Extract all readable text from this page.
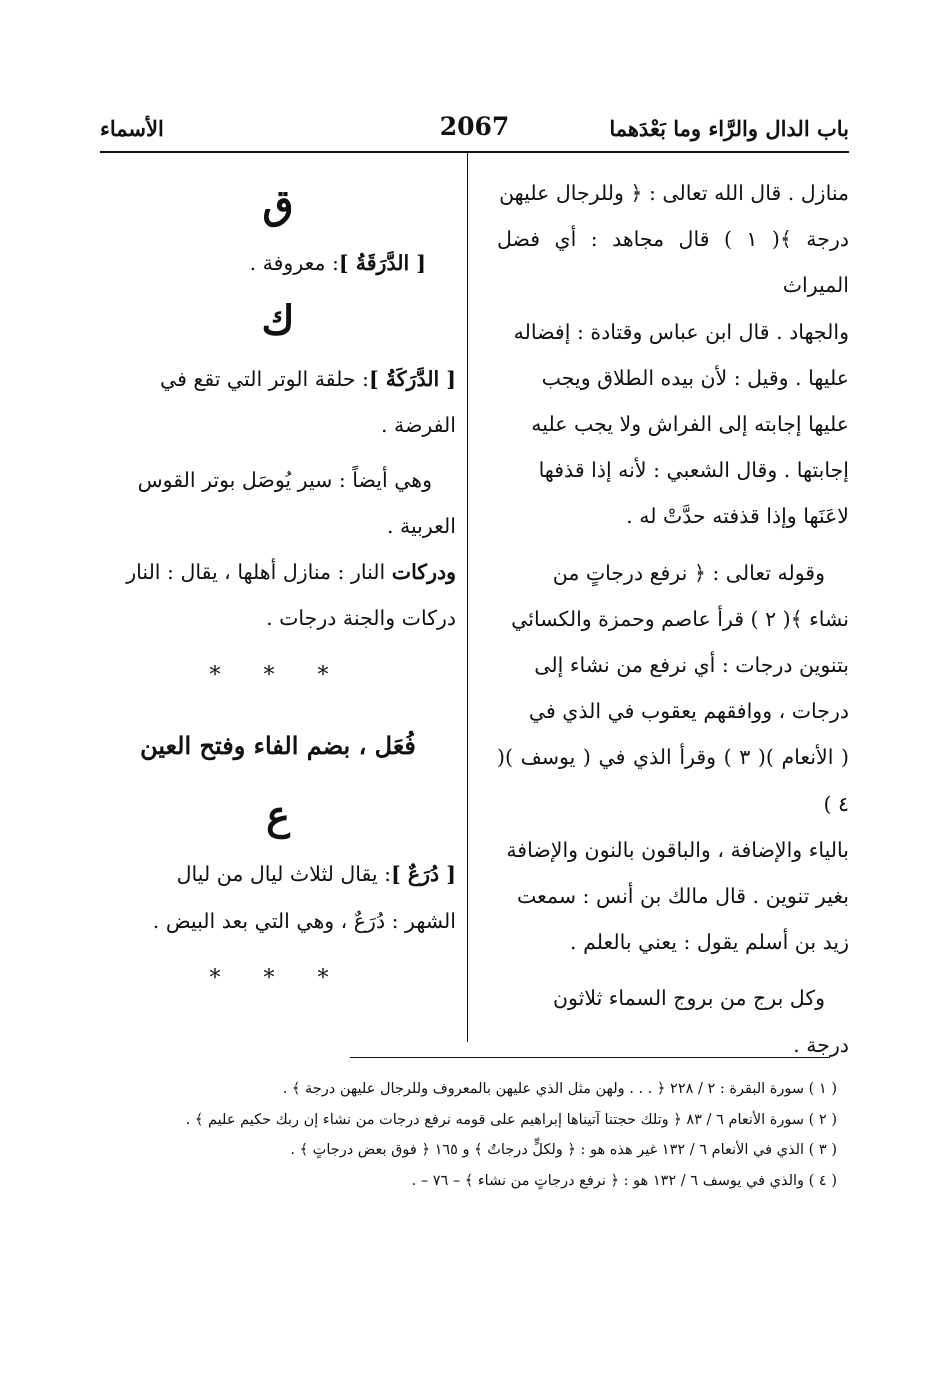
باب الدال والرَّاء وما بَعْدَهما
2067
الأسماء

منازل . قال الله تعالى : ﴿ وللرجال عليهن

درجة ﴾( ١ ) قال مجاهد : أي فضل الميراث

والجهاد . قال ابن عباس وقتادة : إفضاله

عليها . وقيل : لأن بيده الطلاق ويجب

عليها إجابته إلى الفراش ولا يجب عليه

إجابتها . وقال الشعبي : لأنه إذا قذفها

لاعَنَها وإذا قذفته حدَّتْ له .

وقوله تعالى : ﴿ نرفع درجاتٍ من

نشاء ﴾( ٢ ) قرأ عاصم وحمزة والكسائي

بتنوين درجات : أي نرفع من نشاء إلى

درجات ، ووافقهم يعقوب في الذي في

( الأنعام )( ٣ ) وقرأ الذي في ( يوسف )( ٤ )

بالياء والإضافة ، والباقون بالنون والإضافة

بغير تنوين . قال مالك بن أنس : سمعت

زيد بن أسلم يقول : يعني بالعلم .

وكل برج من بروج السماء ثلاثون

درجة .

ق

[ الدَّرَقَةُ ]: معروفة .

ك

[ الدَّرَكَةُ ]: حلقة الوتر التي تقع في

الفرضة .

وهي أيضاً : سير يُوصَل بوتر القوس

العربية .

ودركات النار : منازل أهلها ، يقال : النار

دركات والجنة درجات .

* * *
فُعَل ، بضم الفاء وفتح العين
ع

[ دُرَعٌ ]: يقال لثلاث ليال من ليال

الشهر : دُرَعٌ ، وهي التي بعد البيض .

* * *

( ١ ) سورة البقرة : ٢ / ٢٢٨ ﴿ . . . ولهن مثل الذي عليهن بالمعروف وللرجال عليهن درجة ﴾ .

( ٢ ) سورة الأنعام ٦ / ٨٣ ﴿ وتلك حجتنا آتيناها إبراهيم على قومه نرفع درجات من نشاء إن ربك حكيم عليم ﴾ .

( ٣ ) الذي في الأنعام ٦ / ١٣٢ غير هذه هو : ﴿ ولكلٍّ درجاتٌ ﴾ و ١٦٥ ﴿ فوق بعض درجاتٍ ﴾ .

( ٤ ) والذي في يوسف ٦ / ١٣٢ هو : ﴿ نرفع درجاتٍ من نشاء ﴾ – ٧٦ – .
